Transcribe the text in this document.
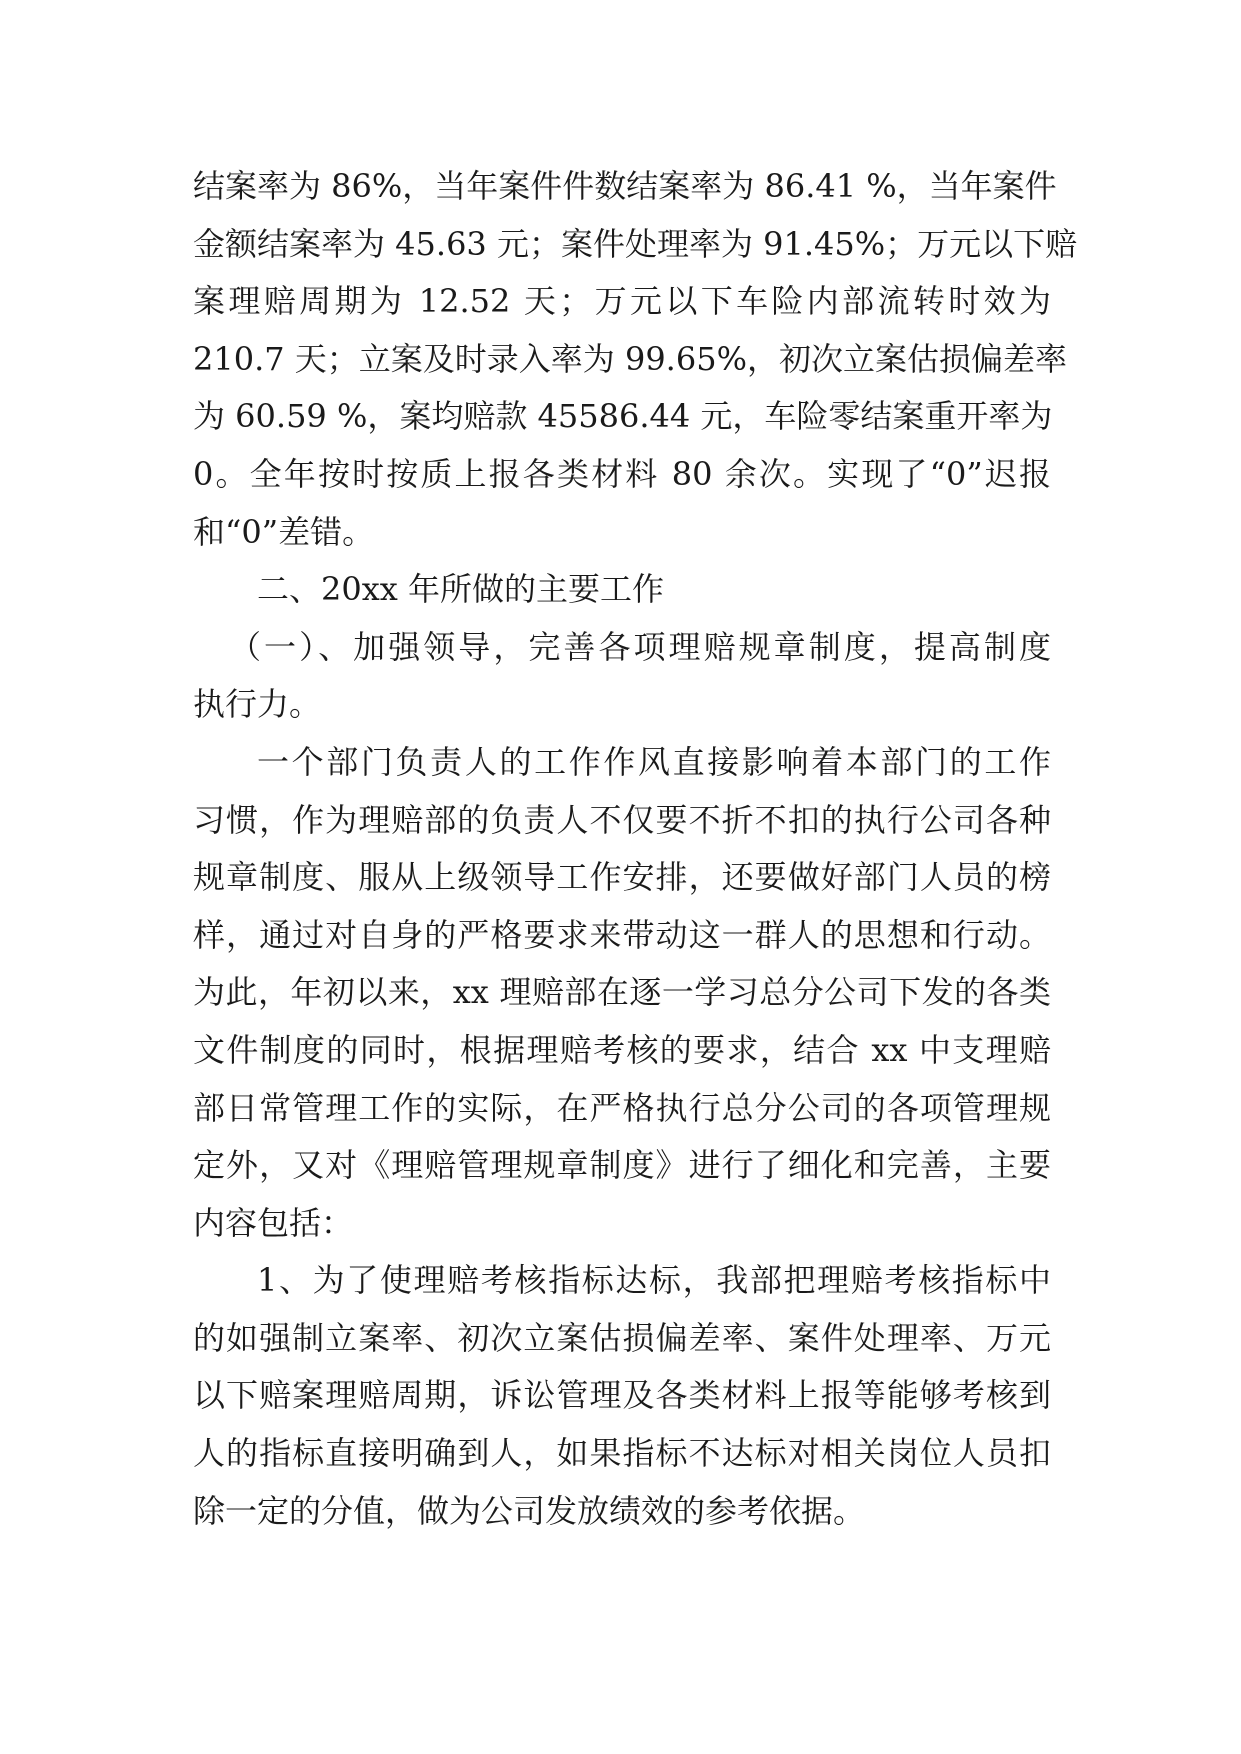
结案率为 86%，当年案件件数结案率为 86.41 %，当年案件
金额结案率为 45.63 元；案件处理率为 91.45%；万元以下赔
案理赔周期为 12.52 天；万元以下车险内部流转时效为
210.7 天；立案及时录入率为 99.65%，初次立案估损偏差率
为 60.59 %，案均赔款 45586.44 元，车险零结案重开率为
0。全年按时按质上报各类材料 80 余次。实现了“0”迟报
和“0”差错。
二、20xx 年所做的主要工作
（一）、加强领导，完善各项理赔规章制度，提高制度
执行力。
一个部门负责人的工作作风直接影响着本部门的工作
习惯，作为理赔部的负责人不仅要不折不扣的执行公司各种
规章制度、服从上级领导工作安排，还要做好部门人员的榜
样，通过对自身的严格要求来带动这一群人的思想和行动。
为此，年初以来，xx 理赔部在逐一学习总分公司下发的各类
文件制度的同时，根据理赔考核的要求，结合 xx 中支理赔
部日常管理工作的实际，在严格执行总分公司的各项管理规
定外，又对《理赔管理规章制度》进行了细化和完善，主要
内容包括：
1、为了使理赔考核指标达标，我部把理赔考核指标中
的如强制立案率、初次立案估损偏差率、案件处理率、万元
以下赔案理赔周期，诉讼管理及各类材料上报等能够考核到
人的指标直接明确到人，如果指标不达标对相关岗位人员扣
除一定的分值，做为公司发放绩效的参考依据。
